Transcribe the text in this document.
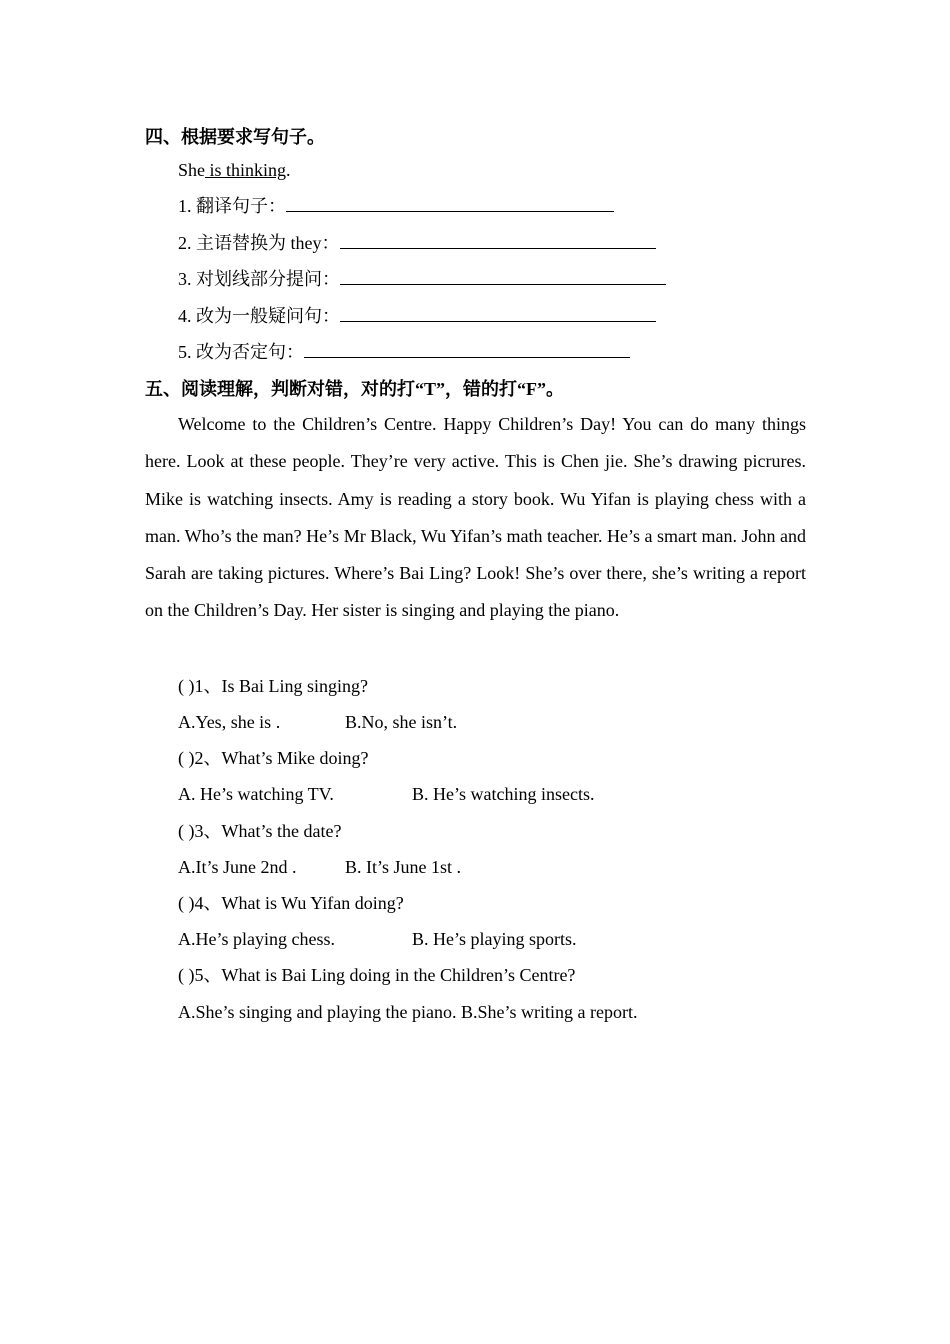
四、根据要求写句子。
She is thinking.
1. 翻译句子：
2. 主语替换为 they：
3. 对划线部分提问：
4. 改为一般疑问句：
5. 改为否定句：
五、阅读理解，判断对错，对的打“T”，错的打“F”。
Welcome to the Children’s Centre. Happy Children’s Day! You can do many things here. Look at these people. They’re very active. This is Chen jie. She’s drawing picrures. Mike is watching insects. Amy is reading a story book. Wu Yifan is playing chess with a man. Who’s the man? He’s Mr Black, Wu Yifan’s math teacher. He’s a smart man. John and Sarah are taking pictures. Where’s Bai Ling? Look! She’s over there, she’s writing a report on the Children’s Day. Her sister is singing and playing the piano.
( )1、Is Bai Ling singing?
A.Yes, she is .	B.No, she isn’t.
( )2、What’s Mike doing?
A. He’s watching TV.	B. He’s watching insects.
( )3、What’s the date?
A.It’s June 2nd .	B. It’s June 1st .
( )4、What is Wu Yifan doing?
A.He’s playing chess.	B. He’s playing sports.
( )5、What is Bai Ling doing in the Children’s Centre?
A.She’s singing and playing the piano. B.She’s writing a report.
